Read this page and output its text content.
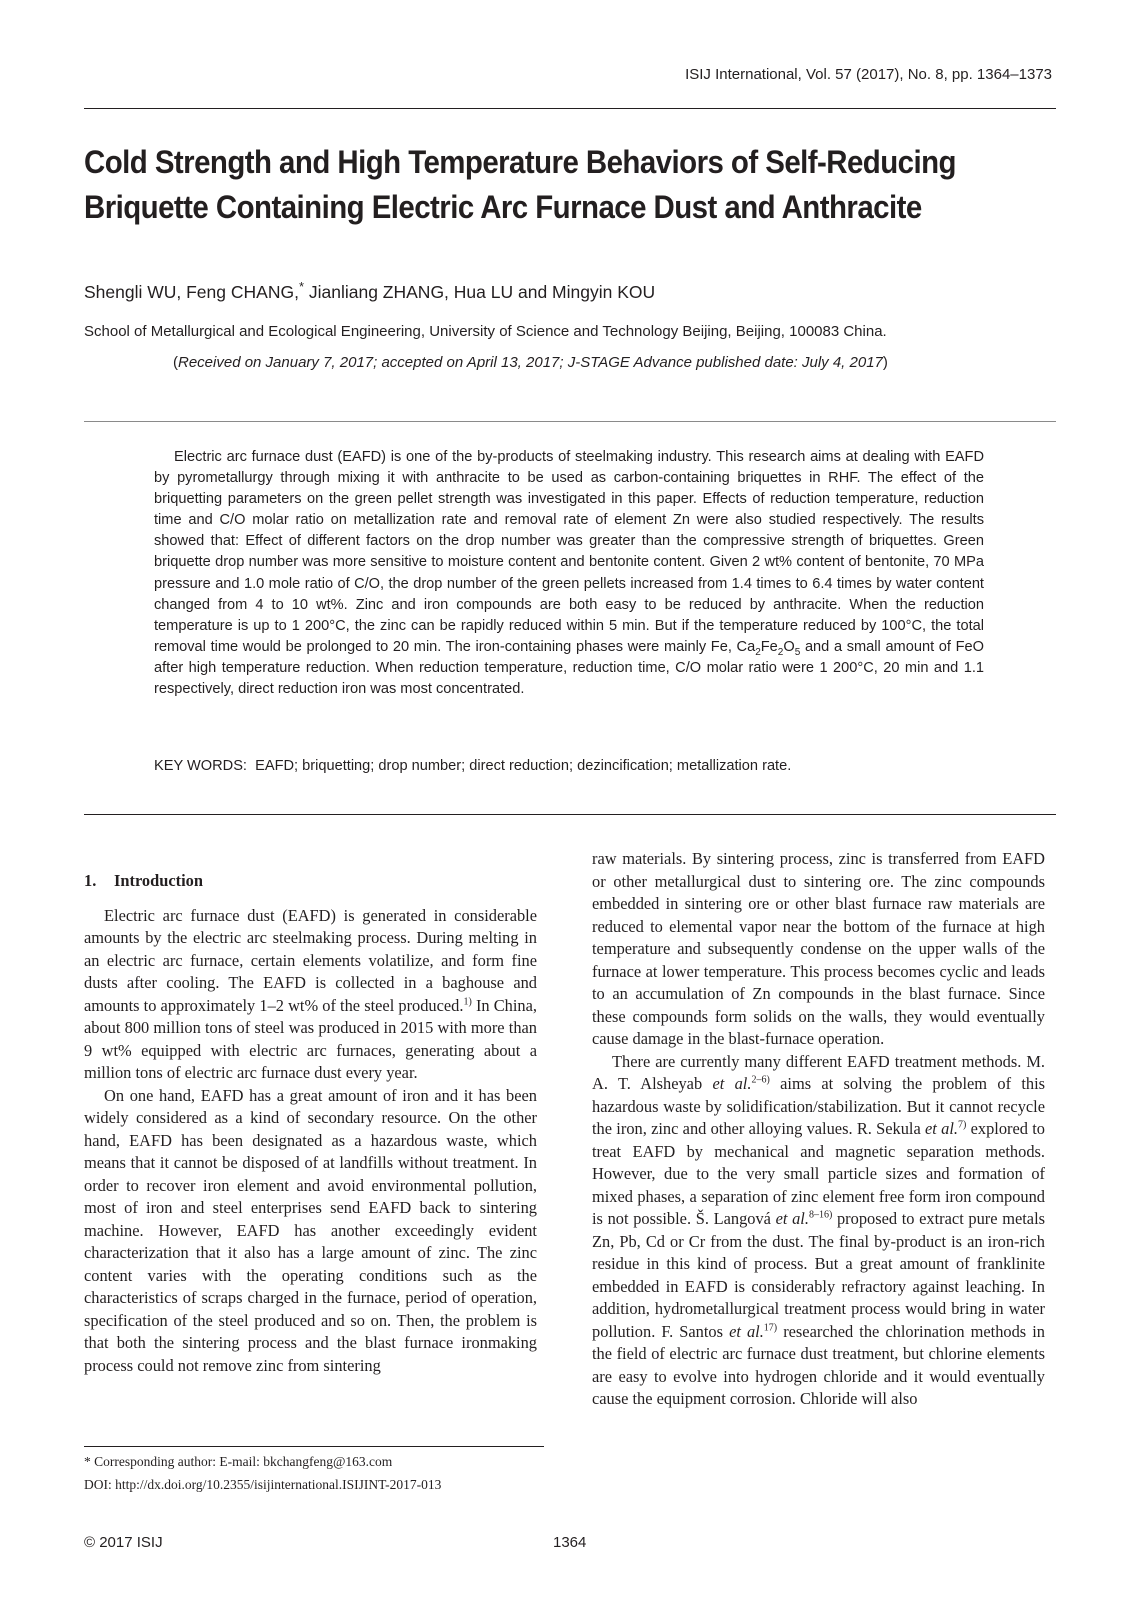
ISIJ International, Vol. 57 (2017), No. 8, pp. 1364–1373
Cold Strength and High Temperature Behaviors of Self-Reducing Briquette Containing Electric Arc Furnace Dust and Anthracite
Shengli WU, Feng CHANG,* Jianliang ZHANG, Hua LU and Mingyin KOU
School of Metallurgical and Ecological Engineering, University of Science and Technology Beijing, Beijing, 100083 China.
(Received on January 7, 2017; accepted on April 13, 2017; J-STAGE Advance published date: July 4, 2017)

Electric arc furnace dust (EAFD) is one of the by-products of steelmaking industry. This research aims at dealing with EAFD by pyrometallurgy through mixing it with anthracite to be used as carbon-containing briquettes in RHF. The effect of the briquetting parameters on the green pellet strength was investigated in this paper. Effects of reduction temperature, reduction time and C/O molar ratio on metallization rate and removal rate of element Zn were also studied respectively. The results showed that: Effect of different factors on the drop number was greater than the compressive strength of briquettes. Green briquette drop number was more sensitive to moisture content and bentonite content. Given 2 wt% content of bentonite, 70 MPa pressure and 1.0 mole ratio of C/O, the drop number of the green pellets increased from 1.4 times to 6.4 times by water content changed from 4 to 10 wt%. Zinc and iron compounds are both easy to be reduced by anthracite. When the reduction temperature is up to 1 200°C, the zinc can be rapidly reduced within 5 min. But if the temperature reduced by 100°C, the total removal time would be prolonged to 20 min. The iron-containing phases were mainly Fe, $Ca_2Fe_2O_5$ and a small amount of FeO after high temperature reduction. When reduction temperature, reduction time, C/O molar ratio were 1 200°C, 20 min and 1.1 respectively, direct reduction iron was most concentrated.

KEY WORDS: EAFD; briquetting; drop number; direct reduction; dezincification; metallization rate.
1. Introduction

Electric arc furnace dust (EAFD) is generated in considerable amounts by the electric arc steelmaking process. During melting in an electric arc furnace, certain elements volatilize, and form fine dusts after cooling. The EAFD is collected in a baghouse and amounts to approximately 1–2 wt% of the steel produced.$^{1)}$ In China, about 800 million tons of steel was produced in 2015 with more than 9 wt% equipped with electric arc furnaces, generating about a million tons of electric arc furnace dust every year.

On one hand, EAFD has a great amount of iron and it has been widely considered as a kind of secondary resource. On the other hand, EAFD has been designated as a hazardous waste, which means that it cannot be disposed of at landfills without treatment. In order to recover iron element and avoid environmental pollution, most of iron and steel enterprises send EAFD back to sintering machine. However, EAFD has another exceedingly evident characterization that it also has a large amount of zinc. The zinc content varies with the operating conditions such as the characteristics of scraps charged in the furnace, period of operation, specification of the steel produced and so on. Then, the problem is that both the sintering process and the blast furnace ironmaking process could not remove zinc from sintering

raw materials. By sintering process, zinc is transferred from EAFD or other metallurgical dust to sintering ore. The zinc compounds embedded in sintering ore or other blast furnace raw materials are reduced to elemental vapor near the bottom of the furnace at high temperature and subsequently condense on the upper walls of the furnace at lower temperature. This process becomes cyclic and leads to an accumulation of Zn compounds in the blast furnace. Since these compounds form solids on the walls, they would eventually cause damage in the blast-furnace operation.

There are currently many different EAFD treatment methods. M. A. T. Alsheyab et al.$^{2-6)}$ aims at solving the problem of this hazardous waste by solidification/stabilization. But it cannot recycle the iron, zinc and other alloying values. R. Sekula et al.$^{7)}$ explored to treat EAFD by mechanical and magnetic separation methods. However, due to the very small particle sizes and formation of mixed phases, a separation of zinc element free form iron compound is not possible. Š. Langová et al.$^{8-16)}$ proposed to extract pure metals Zn, Pb, Cd or Cr from the dust. The final by-product is an iron-rich residue in this kind of process. But a great amount of franklinite embedded in EAFD is considerably refractory against leaching. In addition, hydrometallurgical treatment process would bring in water pollution. F. Santos et al.$^{17)}$ researched the chlorination methods in the field of electric arc furnace dust treatment, but chlorine elements are easy to evolve into hydrogen chloride and it would eventually cause the equipment corrosion. Chloride will also

* Corresponding author: E-mail: bkchangfeng@163.com
DOI: http://dx.doi.org/10.2355/isijinternational.ISIJINT-2017-013
© 2017 ISIJ	1364
